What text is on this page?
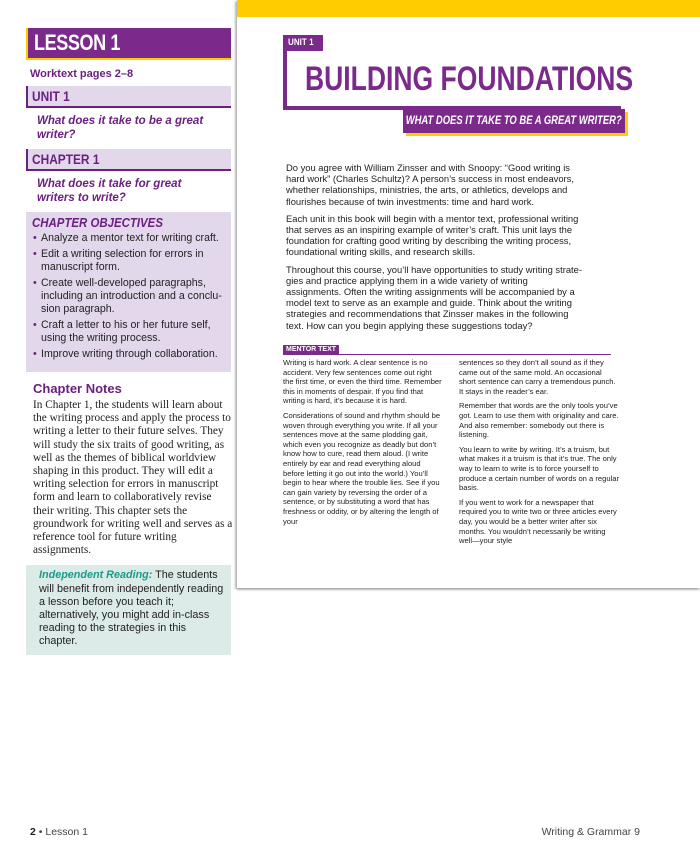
LESSON 1
Worktext pages 2–8
UNIT 1
What does it take to be a great writer?
CHAPTER 1
What does it take for great writers to write?
CHAPTER OBJECTIVES
• Analyze a mentor text for writing craft.
• Edit a writing selection for errors in manuscript form.
• Create well-developed paragraphs, including an introduction and a conclusion paragraph.
• Craft a letter to his or her future self, using the writing process.
• Improve writing through collaboration.
Chapter Notes
In Chapter 1, the students will learn about the writing process and apply the process to writing a letter to their future selves. They will study the six traits of good writing, as well as the themes of biblical worldview shaping in this product. They will edit a writing selection for errors in manuscript form and learn to collaboratively revise their writing. This chapter sets the groundwork for writing well and serves as a reference tool for future writing assignments.
Independent Reading: The students will benefit from independently reading a lesson before you teach it; alternatively, you might add in-class reading to the strategies in this chapter.
UNIT 1
BUILDING FOUNDATIONS
WHAT DOES IT TAKE TO BE A GREAT WRITER?

Do you agree with William Zinsser and with Snoopy: “Good writing is hard work” (Charles Schultz)? A person’s success in most endeavors, whether relationships, ministries, the arts, or athletics, develops and flourishes because of twin investments: time and hard work.

Each unit in this book will begin with a mentor text, professional writing that serves as an inspiring example of writer’s craft. This unit lays the foundation for crafting good writing by describing the writing process, foundational writing skills, and research skills.

Throughout this course, you’ll have opportunities to study writing strategies and practice applying them in a wide variety of writing assignments. Often the writing assignments will be accompanied by a model text to serve as an example and guide. Think about the writing strategies and recommendations that Zinsser makes in the following text. How can you begin applying these suggestions today?

MENTOR TEXT

Writing is hard work. A clear sentence is no accident. Very few sentences come out right the first time, or even the third time. Remember this in moments of despair. If you find that writing is hard, it’s because it is hard.

Considerations of sound and rhythm should be woven through everything you write. If all your sentences move at the same plodding gait, which even you recognize as deadly but don’t know how to cure, read them aloud. (I write entirely by ear and read everything aloud before letting it go out into the world.) You’ll begin to hear where the trouble lies. See if you can gain variety by reversing the order of a sentence, or by substituting a word that has freshness or oddity, or by altering the length of your

sentences so they don’t all sound as if they came out of the same mold. An occasional short sentence can carry a tremendous punch. It stays in the reader’s ear.

Remember that words are the only tools you’ve got. Learn to use them with originality and care. And also remember: somebody out there is listening.

You learn to write by writing. It’s a truism, but what makes it a truism is that it’s true. The only way to learn to write is to force yourself to produce a certain number of words on a regular basis.

If you went to work for a newspaper that required you to write two or three articles every day, you would be a better writer after six months. You wouldn’t necessarily be writing well—your style

2 • Lesson 1	Writing & Grammar 9
